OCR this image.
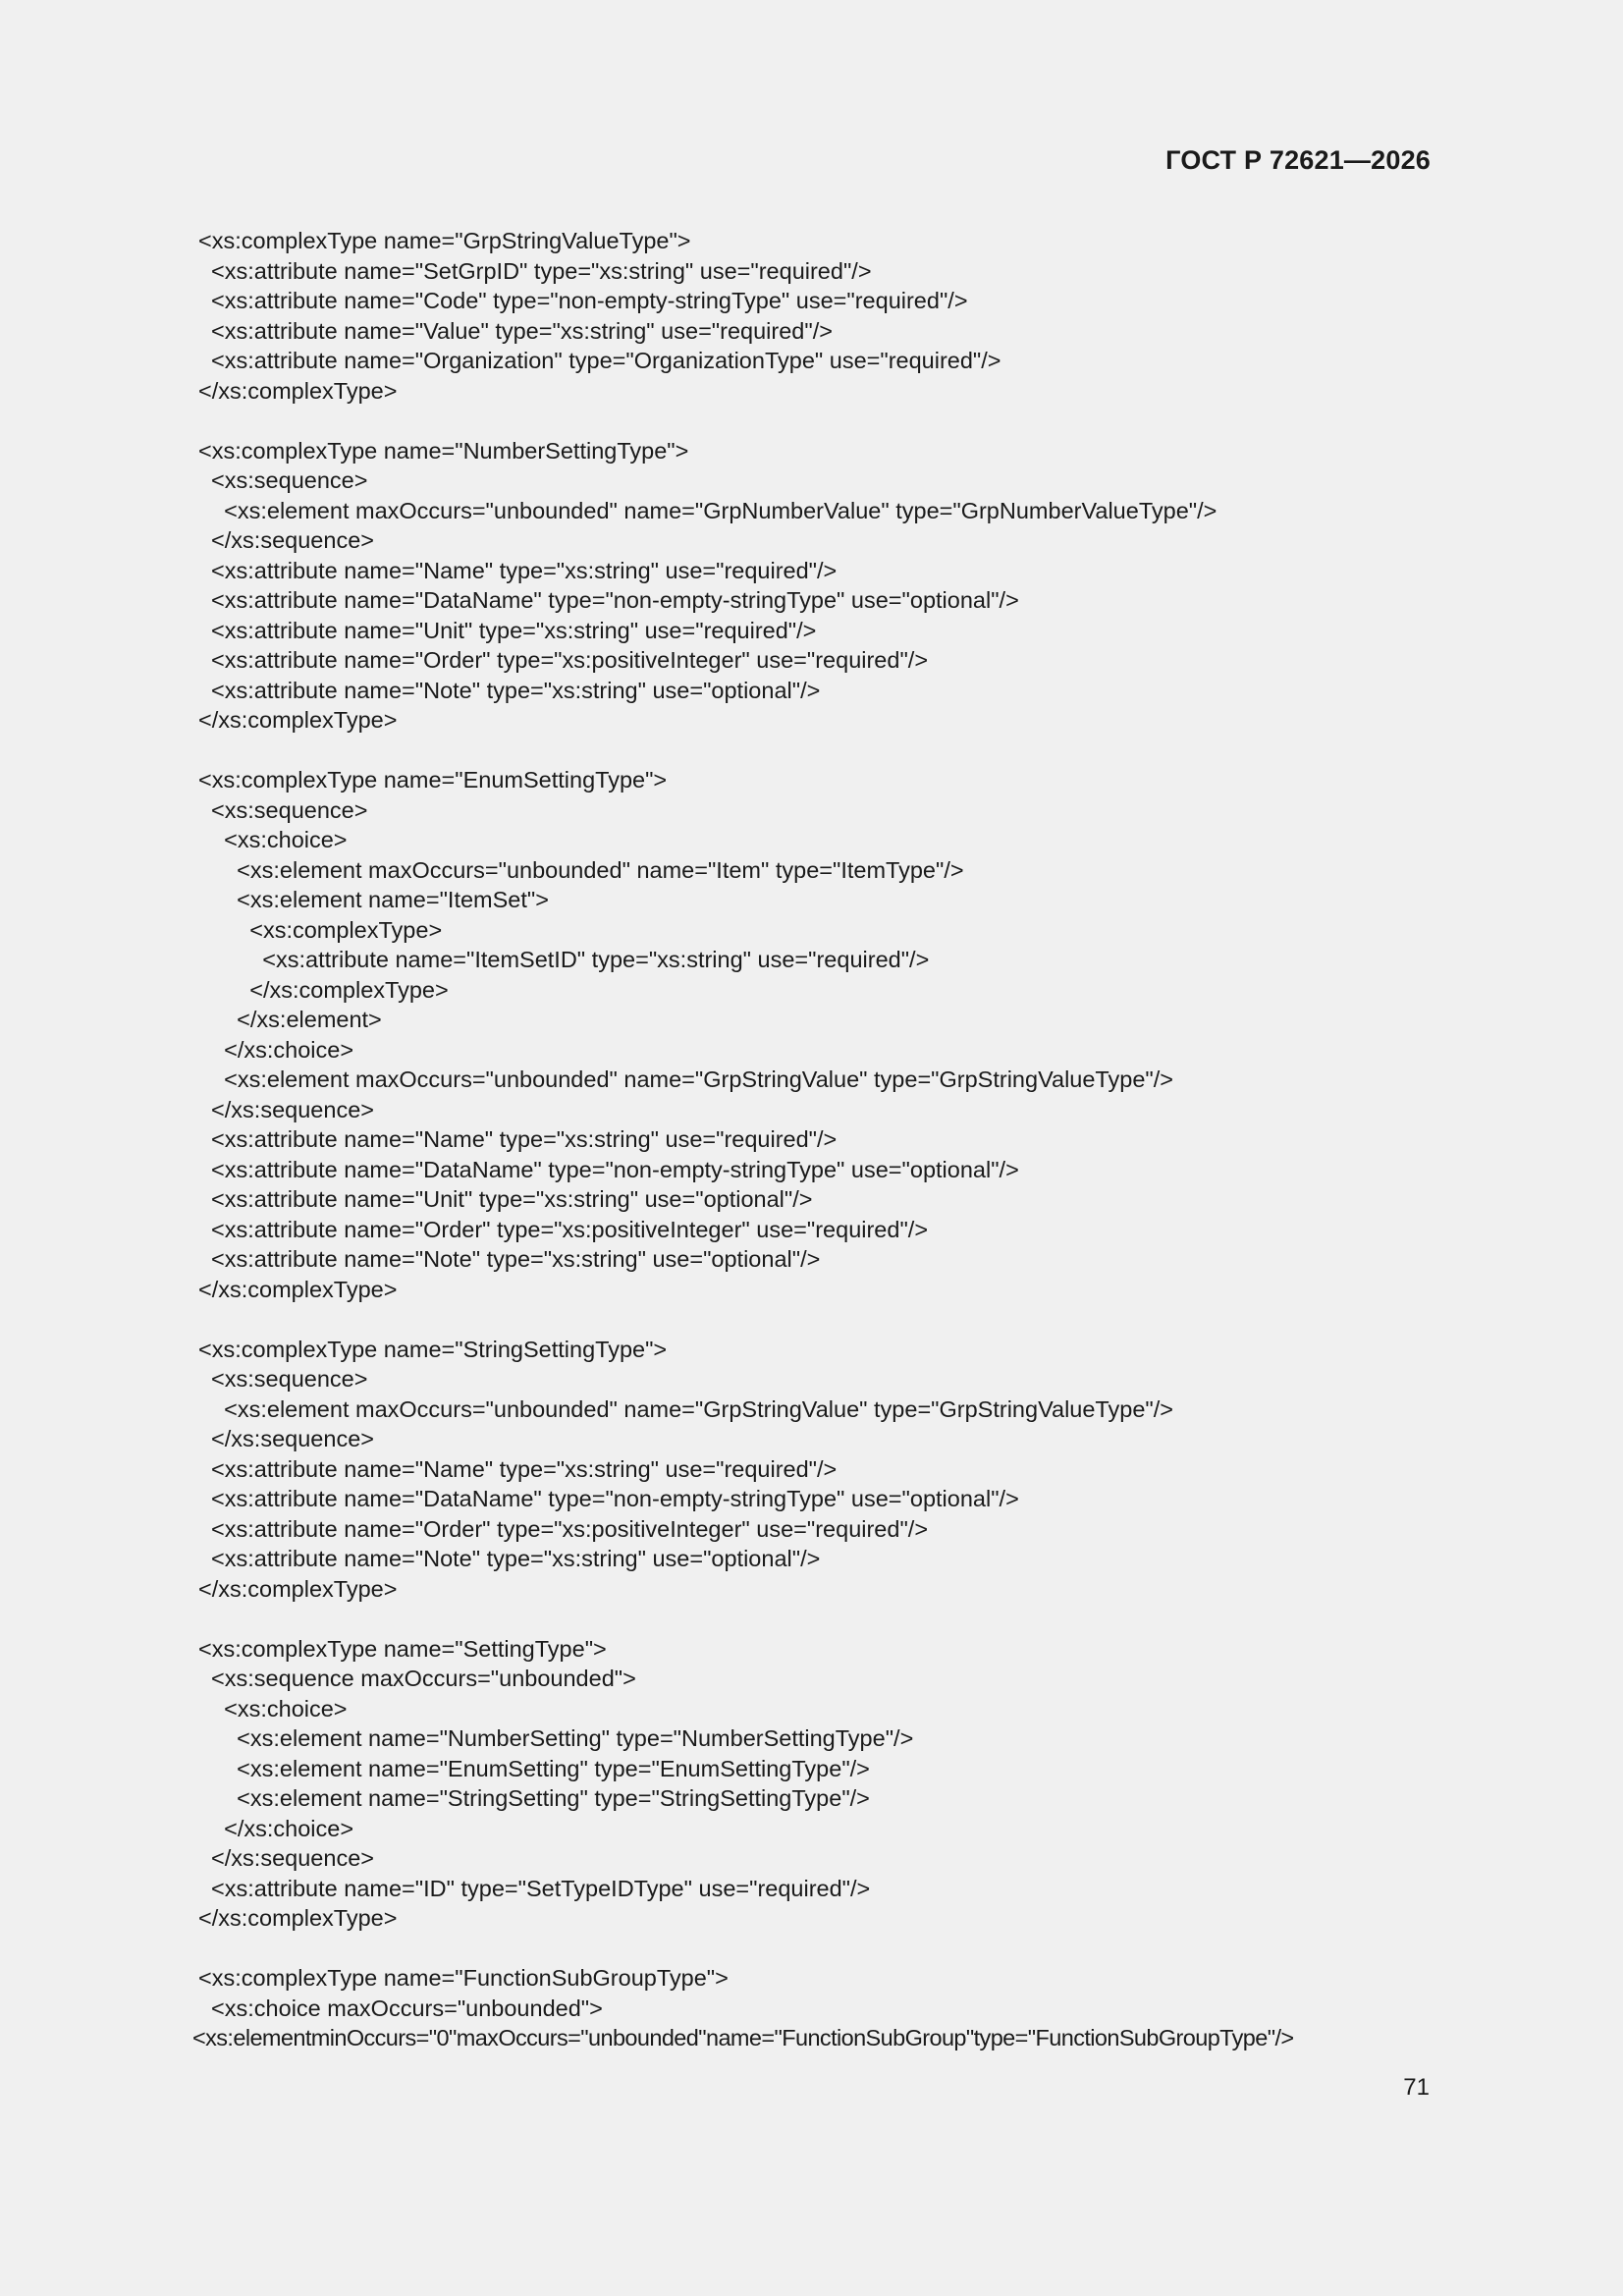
ГОСТ Р 72621—2026
<xs:complexType name="GrpStringValueType">
<xs:attribute name="SetGrpID" type="xs:string" use="required"/>
<xs:attribute name="Code" type="non-empty-stringType" use="required"/>
<xs:attribute name="Value" type="xs:string" use="required"/>
<xs:attribute name="Organization" type="OrganizationType" use="required"/>
</xs:complexType>
<xs:complexType name="NumberSettingType">
<xs:sequence>
<xs:element maxOccurs="unbounded" name="GrpNumberValue" type="GrpNumberValueType"/>
</xs:sequence>
<xs:attribute name="Name" type="xs:string" use="required"/>
<xs:attribute name="DataName" type="non-empty-stringType" use="optional"/>
<xs:attribute name="Unit" type="xs:string" use="required"/>
<xs:attribute name="Order" type="xs:positiveInteger" use="required"/>
<xs:attribute name="Note" type="xs:string" use="optional"/>
</xs:complexType>
<xs:complexType name="EnumSettingType">
<xs:sequence>
<xs:choice>
<xs:element maxOccurs="unbounded" name="Item" type="ItemType"/>
<xs:element name="ItemSet">
<xs:complexType>
<xs:attribute name="ItemSetID" type="xs:string" use="required"/>
</xs:complexType>
</xs:element>
</xs:choice>
<xs:element maxOccurs="unbounded" name="GrpStringValue" type="GrpStringValueType"/>
</xs:sequence>
<xs:attribute name="Name" type="xs:string" use="required"/>
<xs:attribute name="DataName" type="non-empty-stringType" use="optional"/>
<xs:attribute name="Unit" type="xs:string" use="optional"/>
<xs:attribute name="Order" type="xs:positiveInteger" use="required"/>
<xs:attribute name="Note" type="xs:string" use="optional"/>
</xs:complexType>
<xs:complexType name="StringSettingType">
<xs:sequence>
<xs:element maxOccurs="unbounded" name="GrpStringValue" type="GrpStringValueType"/>
</xs:sequence>
<xs:attribute name="Name" type="xs:string" use="required"/>
<xs:attribute name="DataName" type="non-empty-stringType" use="optional"/>
<xs:attribute name="Order" type="xs:positiveInteger" use="required"/>
<xs:attribute name="Note" type="xs:string" use="optional"/>
</xs:complexType>
<xs:complexType name="SettingType">
<xs:sequence maxOccurs="unbounded">
<xs:choice>
<xs:element name="NumberSetting" type="NumberSettingType"/>
<xs:element name="EnumSetting" type="EnumSettingType"/>
<xs:element name="StringSetting" type="StringSettingType"/>
</xs:choice>
</xs:sequence>
<xs:attribute name="ID" type="SetTypeIDType" use="required"/>
</xs:complexType>
<xs:complexType name="FunctionSubGroupType">
<xs:choice maxOccurs="unbounded">
<xs:elementminOccurs="0"maxOccurs="unbounded"name="FunctionSubGroup"type="FunctionSubGroupType"/>
71
